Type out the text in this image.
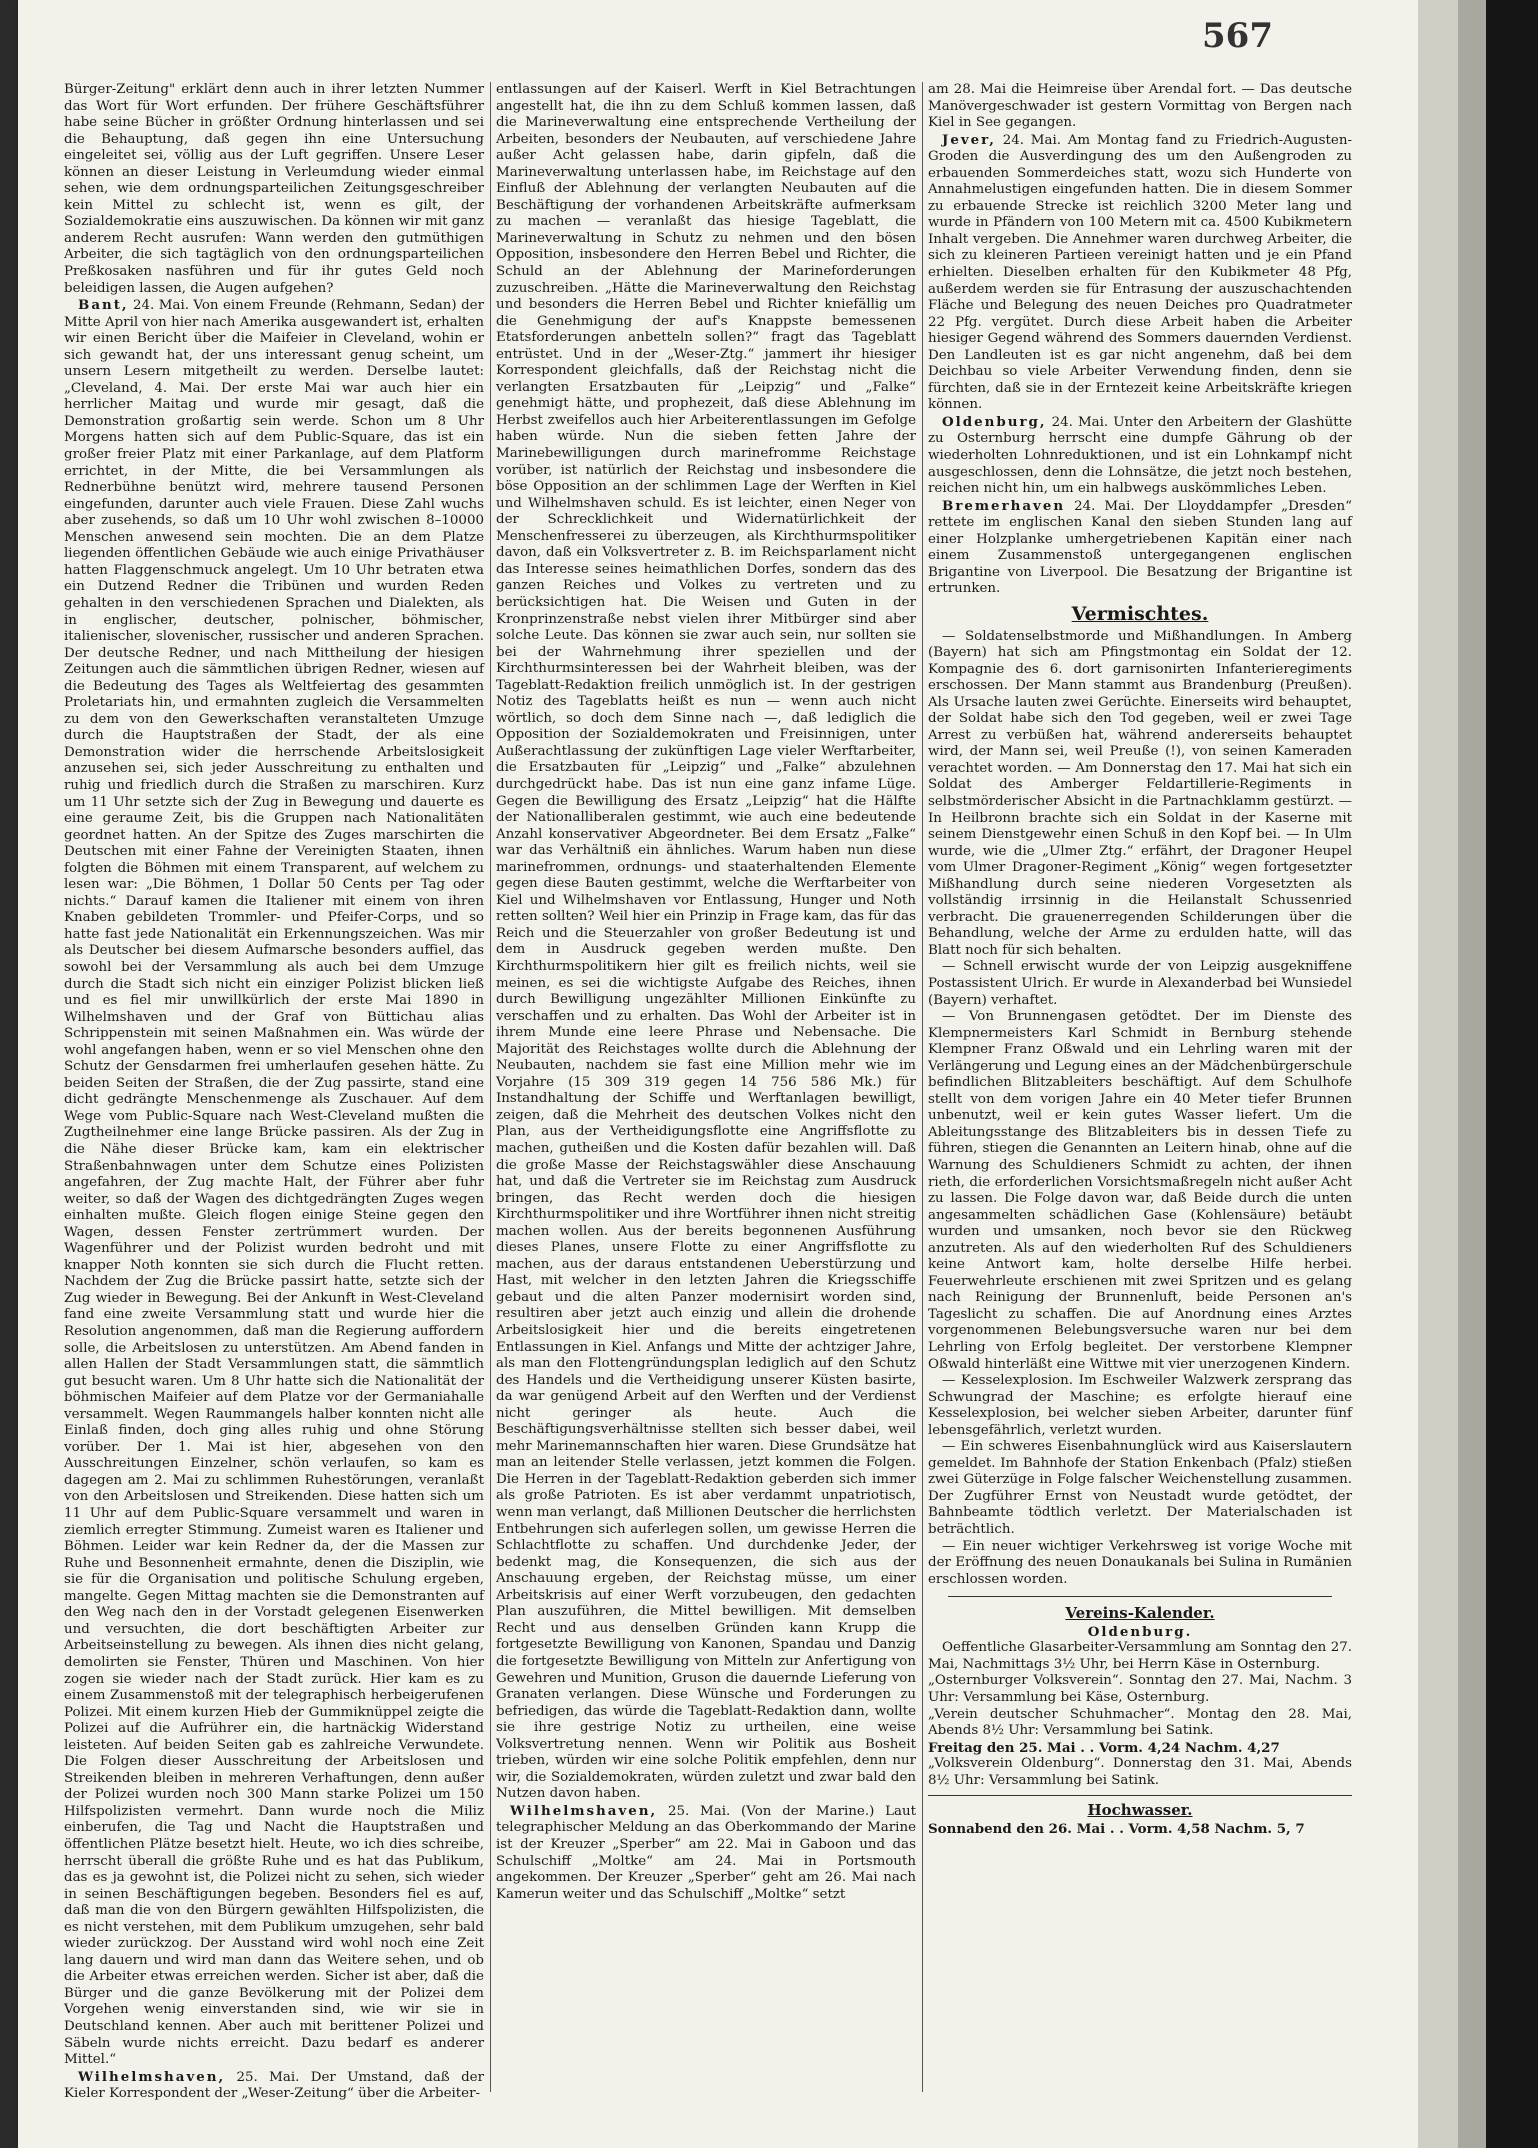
567

Bürger-Zeitung" erklärt denn auch in ihrer letzten Nummer das Wort für Wort erfunden. Der frühere Geschäftsführer habe seine Bücher in größter Ordnung hinterlassen und sei die Behauptung, daß gegen ihn eine Untersuchung eingeleitet sei, völlig aus der Luft gegriffen. Unsere Leser können an dieser Leistung in Verleumdung wieder einmal sehen, wie dem ordnungsparteilichen Zeitungsgeschreiber kein Mittel zu schlecht ist, wenn es gilt, der Sozialdemokratie eins auszuwischen. Da können wir mit ganz anderem Recht ausrufen: Wann werden den gutmüthigen Arbeiter, die sich tagtäglich von den ordnungsparteilichen Preßkosaken nasführen und für ihr gutes Geld noch beleidigen lassen, die Augen aufgehen?

Bant, 24. Mai. Von einem Freunde (Rehmann, Sedan) der Mitte April von hier nach Amerika ausgewandert ist, erhalten wir einen Bericht über die Maifeier in Cleveland, wohin er sich gewandt hat, der uns interessant genug scheint, um unsern Lesern mitgetheilt zu werden. Derselbe lautet: „Cleveland, 4. Mai. Der erste Mai war auch hier ein herrlicher Maitag und wurde mir gesagt, daß die Demonstration großartig sein werde. Schon um 8 Uhr Morgens hatten sich auf dem Public-Square, das ist ein großer freier Platz mit einer Parkanlage, auf dem Platform errichtet, in der Mitte, die bei Versammlungen als Rednerbühne benützt wird, mehrere tausend Personen eingefunden, darunter auch viele Frauen. Diese Zahl wuchs aber zusehends, so daß um 10 Uhr wohl zwischen 8–10000 Menschen anwesend sein mochten. Die an dem Platze liegenden öffentlichen Gebäude wie auch einige Privathäuser hatten Flaggenschmuck angelegt. Um 10 Uhr betraten etwa ein Dutzend Redner die Tribünen und wurden Reden gehalten in den verschiedenen Sprachen und Dialekten, als in englischer, deutscher, polnischer, böhmischer, italienischer, slovenischer, russischer und anderen Sprachen. Der deutsche Redner, und nach Mittheilung der hiesigen Zeitungen auch die sämmtlichen übrigen Redner, wiesen auf die Bedeutung des Tages als Weltfeiertag des gesammten Proletariats hin, und ermahnten zugleich die Versammelten zu dem von den Gewerkschaften veranstalteten Umzuge durch die Hauptstraßen der Stadt, der als eine Demonstration wider die herrschende Arbeitslosigkeit anzusehen sei, sich jeder Ausschreitung zu enthalten und ruhig und friedlich durch die Straßen zu marschiren. Kurz um 11 Uhr setzte sich der Zug in Bewegung und dauerte es eine geraume Zeit, bis die Gruppen nach Nationalitäten geordnet hatten. An der Spitze des Zuges marschirten die Deutschen mit einer Fahne der Vereinigten Staaten, ihnen folgten die Böhmen mit einem Transparent, auf welchem zu lesen war: „Die Böhmen, 1 Dollar 50 Cents per Tag oder nichts.“ Darauf kamen die Italiener mit einem von ihren Knaben gebildeten Trommler- und Pfeifer-Corps, und so hatte fast jede Nationalität ein Erkennungszeichen. Was mir als Deutscher bei diesem Aufmarsche besonders auffiel, das sowohl bei der Versammlung als auch bei dem Umzuge durch die Stadt sich nicht ein einziger Polizist blicken ließ und es fiel mir unwillkürlich der erste Mai 1890 in Wilhelmshaven und der Graf von Büttichau alias Schrippenstein mit seinen Maßnahmen ein. Was würde der wohl angefangen haben, wenn er so viel Menschen ohne den Schutz der Gensdarmen frei umherlaufen gesehen hätte. Zu beiden Seiten der Straßen, die der Zug passirte, stand eine dicht gedrängte Menschenmenge als Zuschauer. Auf dem Wege vom Public-Square nach West-Cleveland mußten die Zugtheilnehmer eine lange Brücke passiren. Als der Zug in die Nähe dieser Brücke kam, kam ein elektrischer Straßenbahnwagen unter dem Schutze eines Polizisten angefahren, der Zug machte Halt, der Führer aber fuhr weiter, so daß der Wagen des dichtgedrängten Zuges wegen einhalten mußte. Gleich flogen einige Steine gegen den Wagen, dessen Fenster zertrümmert wurden. Der Wagenführer und der Polizist wurden bedroht und mit knapper Noth konnten sie sich durch die Flucht retten. Nachdem der Zug die Brücke passirt hatte, setzte sich der Zug wieder in Bewegung. Bei der Ankunft in West-Cleveland fand eine zweite Versammlung statt und wurde hier die Resolution angenommen, daß man die Regierung auffordern solle, die Arbeitslosen zu unterstützen. Am Abend fanden in allen Hallen der Stadt Versammlungen statt, die sämmtlich gut besucht waren. Um 8 Uhr hatte sich die Nationalität der böhmischen Maifeier auf dem Platze vor der Germaniahalle versammelt. Wegen Raummangels halber konnten nicht alle Einlaß finden, doch ging alles ruhig und ohne Störung vorüber. Der 1. Mai ist hier, abgesehen von den Ausschreitungen Einzelner, schön verlaufen, so kam es dagegen am 2. Mai zu schlimmen Ruhestörungen, veranlaßt von den Arbeitslosen und Streikenden. Diese hatten sich um 11 Uhr auf dem Public-Square versammelt und waren in ziemlich erregter Stimmung. Zumeist waren es Italiener und Böhmen. Leider war kein Redner da, der die Massen zur Ruhe und Besonnenheit ermahnte, denen die Disziplin, wie sie für die Organisation und politische Schulung ergeben, mangelte. Gegen Mittag machten sie die Demonstranten auf den Weg nach den in der Vorstadt gelegenen Eisenwerken und versuchten, die dort beschäftigten Arbeiter zur Arbeitseinstellung zu bewegen. Als ihnen dies nicht gelang, demolirten sie Fenster, Thüren und Maschinen. Von hier zogen sie wieder nach der Stadt zurück. Hier kam es zu einem Zusammenstoß mit der telegraphisch herbeigerufenen Polizei. Mit einem kurzen Hieb der Gummiknüppel zeigte die Polizei auf die Aufrührer ein, die hartnäckig Widerstand leisteten. Auf beiden Seiten gab es zahlreiche Verwundete. Die Folgen dieser Ausschreitung der Arbeitslosen und Streikenden bleiben in mehreren Verhaftungen, denn außer der Polizei wurden noch 300 Mann starke Polizei um 150 Hilfspolizisten vermehrt. Dann wurde noch die Miliz einberufen, die Tag und Nacht die Hauptstraßen und öffentlichen Plätze besetzt hielt. Heute, wo ich dies schreibe, herrscht überall die größte Ruhe und es hat das Publikum, das es ja gewohnt ist, die Polizei nicht zu sehen, sich wieder in seinen Beschäftigungen begeben. Besonders fiel es auf, daß man die von den Bürgern gewählten Hilfspolizisten, die es nicht verstehen, mit dem Publikum umzugehen, sehr bald wieder zurückzog. Der Ausstand wird wohl noch eine Zeit lang dauern und wird man dann das Weitere sehen, und ob die Arbeiter etwas erreichen werden. Sicher ist aber, daß die Bürger und die ganze Bevölkerung mit der Polizei dem Vorgehen wenig einverstanden sind, wie wir sie in Deutschland kennen. Aber auch mit berittener Polizei und Säbeln wurde nichts erreicht. Dazu bedarf es anderer Mittel.“

Wilhelmshaven, 25. Mai. Der Umstand, daß der Kieler Korrespondent der „Weser-Zeitung“ über die Arbeiter-

entlassungen auf der Kaiserl. Werft in Kiel Betrachtungen angestellt hat, die ihn zu dem Schluß kommen lassen, daß die Marineverwaltung eine entsprechende Vertheilung der Arbeiten, besonders der Neubauten, auf verschiedene Jahre außer Acht gelassen habe, darin gipfeln, daß die Marineverwaltung unterlassen habe, im Reichstage auf den Einfluß der Ablehnung der verlangten Neubauten auf die Beschäftigung der vorhandenen Arbeitskräfte aufmerksam zu machen — veranlaßt das hiesige Tageblatt, die Marineverwaltung in Schutz zu nehmen und den bösen Opposition, insbesondere den Herren Bebel und Richter, die Schuld an der Ablehnung der Marineforderungen zuzuschreiben. „Hätte die Marineverwaltung den Reichstag und besonders die Herren Bebel und Richter kniefällig um die Genehmigung der auf's Knappste bemessenen Etatsforderungen anbetteln sollen?“ fragt das Tageblatt entrüstet. Und in der „Weser-Ztg.“ jammert ihr hiesiger Korrespondent gleichfalls, daß der Reichstag nicht die verlangten Ersatzbauten für „Leipzig“ und „Falke“ genehmigt hätte, und prophezeit, daß diese Ablehnung im Herbst zweifellos auch hier Arbeiterentlassungen im Gefolge haben würde. Nun die sieben fetten Jahre der Marinebewilligungen durch marinefromme Reichstage vorüber, ist natürlich der Reichstag und insbesondere die böse Opposition an der schlimmen Lage der Werften in Kiel und Wilhelmshaven schuld. Es ist leichter, einen Neger von der Schrecklichkeit und Widernatürlichkeit der Menschenfresserei zu überzeugen, als Kirchthurmspolitiker davon, daß ein Volksvertreter z. B. im Reichsparlament nicht das Interesse seines heimathlichen Dorfes, sondern das des ganzen Reiches und Volkes zu vertreten und zu berücksichtigen hat. Die Weisen und Guten in der Kronprinzenstraße nebst vielen ihrer Mitbürger sind aber solche Leute. Das können sie zwar auch sein, nur sollten sie bei der Wahrnehmung ihrer speziellen und der Kirchthurmsinteressen bei der Wahrheit bleiben, was der Tageblatt-Redaktion freilich unmöglich ist. In der gestrigen Notiz des Tageblatts heißt es nun — wenn auch nicht wörtlich, so doch dem Sinne nach —, daß lediglich die Opposition der Sozialdemokraten und Freisinnigen, unter Außerachtlassung der zukünftigen Lage vieler Werftarbeiter, die Ersatzbauten für „Leipzig“ und „Falke“ abzulehnen durchgedrückt habe. Das ist nun eine ganz infame Lüge. Gegen die Bewilligung des Ersatz „Leipzig“ hat die Hälfte der Nationalliberalen gestimmt, wie auch eine bedeutende Anzahl konservativer Abgeordneter. Bei dem Ersatz „Falke“ war das Verhältniß ein ähnliches. Warum haben nun diese marinefrommen, ordnungs- und staaterhaltenden Elemente gegen diese Bauten gestimmt, welche die Werftarbeiter von Kiel und Wilhelmshaven vor Entlassung, Hunger und Noth retten sollten? Weil hier ein Prinzip in Frage kam, das für das Reich und die Steuerzahler von großer Bedeutung ist und dem in Ausdruck gegeben werden mußte. Den Kirchthurmspolitikern hier gilt es freilich nichts, weil sie meinen, es sei die wichtigste Aufgabe des Reiches, ihnen durch Bewilligung ungezählter Millionen Einkünfte zu verschaffen und zu erhalten. Das Wohl der Arbeiter ist in ihrem Munde eine leere Phrase und Nebensache. Die Majorität des Reichstages wollte durch die Ablehnung der Neubauten, nachdem sie fast eine Million mehr wie im Vorjahre (15 309 319 gegen 14 756 586 Mk.) für Instandhaltung der Schiffe und Werftanlagen bewilligt, zeigen, daß die Mehrheit des deutschen Volkes nicht den Plan, aus der Vertheidigungsflotte eine Angriffsflotte zu machen, gutheißen und die Kosten dafür bezahlen will. Daß die große Masse der Reichstagswähler diese Anschauung hat, und daß die Vertreter sie im Reichstag zum Ausdruck bringen, das Recht werden doch die hiesigen Kirchthurmspolitiker und ihre Wortführer ihnen nicht streitig machen wollen. Aus der bereits begonnenen Ausführung dieses Planes, unsere Flotte zu einer Angriffsflotte zu machen, aus der daraus entstandenen Ueberstürzung und Hast, mit welcher in den letzten Jahren die Kriegsschiffe gebaut und die alten Panzer modernisirt worden sind, resultiren aber jetzt auch einzig und allein die drohende Arbeitslosigkeit hier und die bereits eingetretenen Entlassungen in Kiel. Anfangs und Mitte der achtziger Jahre, als man den Flottengründungsplan lediglich auf den Schutz des Handels und die Vertheidigung unserer Küsten basirte, da war genügend Arbeit auf den Werften und der Verdienst nicht geringer als heute. Auch die Beschäftigungsverhältnisse stellten sich besser dabei, weil mehr Marinemannschaften hier waren. Diese Grundsätze hat man an leitender Stelle verlassen, jetzt kommen die Folgen. Die Herren in der Tageblatt-Redaktion geberden sich immer als große Patrioten. Es ist aber verdammt unpatriotisch, wenn man verlangt, daß Millionen Deutscher die herrlichsten Entbehrungen sich auferlegen sollen, um gewisse Herren die Schlachtflotte zu schaffen. Und durchdenke Jeder, der bedenkt mag, die Konsequenzen, die sich aus der Anschauung ergeben, der Reichstag müsse, um einer Arbeitskrisis auf einer Werft vorzubeugen, den gedachten Plan auszuführen, die Mittel bewilligen. Mit demselben Recht und aus denselben Gründen kann Krupp die fortgesetzte Bewilligung von Kanonen, Spandau und Danzig die fortgesetzte Bewilligung von Mitteln zur Anfertigung von Gewehren und Munition, Gruson die dauernde Lieferung von Granaten verlangen. Diese Wünsche und Forderungen zu befriedigen, das würde die Tageblatt-Redaktion dann, wollte sie ihre gestrige Notiz zu urtheilen, eine weise Volksvertretung nennen. Wenn wir Politik aus Bosheit trieben, würden wir eine solche Politik empfehlen, denn nur wir, die Sozialdemokraten, würden zuletzt und zwar bald den Nutzen davon haben.

Wilhelmshaven, 25. Mai. (Von der Marine.) Laut telegraphischer Meldung an das Oberkommando der Marine ist der Kreuzer „Sperber“ am 22. Mai in Gaboon und das Schulschiff „Moltke“ am 24. Mai in Portsmouth angekommen. Der Kreuzer „Sperber“ geht am 26. Mai nach Kamerun weiter und das Schulschiff „Moltke“ setzt

am 28. Mai die Heimreise über Arendal fort. — Das deutsche Manövergeschwader ist gestern Vormittag von Bergen nach Kiel in See gegangen.

Jever, 24. Mai. Am Montag fand zu Friedrich-Augusten-Groden die Ausverdingung des um den Außengroden zu erbauenden Sommerdeiches statt, wozu sich Hunderte von Annahmelustigen eingefunden hatten. Die in diesem Sommer zu erbauende Strecke ist reichlich 3200 Meter lang und wurde in Pfändern von 100 Metern mit ca. 4500 Kubikmetern Inhalt vergeben. Die Annehmer waren durchweg Arbeiter, die sich zu kleineren Partieen vereinigt hatten und je ein Pfand erhielten. Dieselben erhalten für den Kubikmeter 48 Pfg, außerdem werden sie für Entrasung der auszuschachtenden Fläche und Belegung des neuen Deiches pro Quadratmeter 22 Pfg. vergütet. Durch diese Arbeit haben die Arbeiter hiesiger Gegend während des Sommers dauernden Verdienst. Den Landleuten ist es gar nicht angenehm, daß bei dem Deichbau so viele Arbeiter Verwendung finden, denn sie fürchten, daß sie in der Erntezeit keine Arbeitskräfte kriegen können.

Oldenburg, 24. Mai. Unter den Arbeitern der Glashütte zu Osternburg herrscht eine dumpfe Gährung ob der wiederholten Lohnreduktionen, und ist ein Lohnkampf nicht ausgeschlossen, denn die Lohnsätze, die jetzt noch bestehen, reichen nicht hin, um ein halbwegs auskömmliches Leben.

Bremerhaven 24. Mai. Der Lloyddampfer „Dresden“ rettete im englischen Kanal den sieben Stunden lang auf einer Holzplanke umhergetriebenen Kapitän einer nach einem Zusammenstoß untergegangenen englischen Brigantine von Liverpool. Die Besatzung der Brigantine ist ertrunken.

Vermischtes.

— Soldatenselbstmorde und Mißhandlungen. In Amberg (Bayern) hat sich am Pfingstmontag ein Soldat der 12. Kompagnie des 6. dort garnisonirten Infanterieregiments erschossen. Der Mann stammt aus Brandenburg (Preußen). Als Ursache lauten zwei Gerüchte. Einerseits wird behauptet, der Soldat habe sich den Tod gegeben, weil er zwei Tage Arrest zu verbüßen hat, während andererseits behauptet wird, der Mann sei, weil Preuße (!), von seinen Kameraden verachtet worden. — Am Donnerstag den 17. Mai hat sich ein Soldat des Amberger Feldartillerie-Regiments in selbstmörderischer Absicht in die Partnachklamm gestürzt. — In Heilbronn brachte sich ein Soldat in der Kaserne mit seinem Dienstgewehr einen Schuß in den Kopf bei. — In Ulm wurde, wie die „Ulmer Ztg.“ erfährt, der Dragoner Heupel vom Ulmer Dragoner-Regiment „König“ wegen fortgesetzter Mißhandlung durch seine niederen Vorgesetzten als vollständig irrsinnig in die Heilanstalt Schussenried verbracht. Die grauenerregenden Schilderungen über die Behandlung, welche der Arme zu erdulden hatte, will das Blatt noch für sich behalten.

— Schnell erwischt wurde der von Leipzig ausgekniffene Postassistent Ulrich. Er wurde in Alexanderbad bei Wunsiedel (Bayern) verhaftet.

— Von Brunnengasen getödtet. Der im Dienste des Klempnermeisters Karl Schmidt in Bernburg stehende Klempner Franz Oßwald und ein Lehrling waren mit der Verlängerung und Legung eines an der Mädchenbürgerschule befindlichen Blitzableiters beschäftigt. Auf dem Schulhofe stellt von dem vorigen Jahre ein 40 Meter tiefer Brunnen unbenutzt, weil er kein gutes Wasser liefert. Um die Ableitungsstange des Blitzableiters bis in dessen Tiefe zu führen, stiegen die Genannten an Leitern hinab, ohne auf die Warnung des Schuldieners Schmidt zu achten, der ihnen rieth, die erforderlichen Vorsichtsmaßregeln nicht außer Acht zu lassen. Die Folge davon war, daß Beide durch die unten angesammelten schädlichen Gase (Kohlensäure) betäubt wurden und umsanken, noch bevor sie den Rückweg anzutreten. Als auf den wiederholten Ruf des Schuldieners keine Antwort kam, holte derselbe Hilfe herbei. Feuerwehrleute erschienen mit zwei Spritzen und es gelang nach Reinigung der Brunnenluft, beide Personen an's Tageslicht zu schaffen. Die auf Anordnung eines Arztes vorgenommenen Belebungsversuche waren nur bei dem Lehrling von Erfolg begleitet. Der verstorbene Klempner Oßwald hinterläßt eine Wittwe mit vier unerzogenen Kindern.

— Kesselexplosion. Im Eschweiler Walzwerk zersprang das Schwungrad der Maschine; es erfolgte hierauf eine Kesselexplosion, bei welcher sieben Arbeiter, darunter fünf lebensgefährlich, verletzt wurden.

— Ein schweres Eisenbahnunglück wird aus Kaiserslautern gemeldet. Im Bahnhofe der Station Enkenbach (Pfalz) stießen zwei Güterzüge in Folge falscher Weichenstellung zusammen. Der Zugführer Ernst von Neustadt wurde getödtet, der Bahnbeamte tödtlich verletzt. Der Materialschaden ist beträchtlich.

— Ein neuer wichtiger Verkehrsweg ist vorige Woche mit der Eröffnung des neuen Donaukanals bei Sulina in Rumänien erschlossen worden.

Vereins-Kalender.

Oldenburg.

Oeffentliche Glasarbeiter-Versammlung am Sonntag den 27. Mai, Nachmittags 3½ Uhr, bei Herrn Käse in Osternburg.

„Osternburger Volksverein“. Sonntag den 27. Mai, Nachm. 3 Uhr: Versammlung bei Käse, Osternburg.

„Verein deutscher Schuhmacher“. Montag den 28. Mai, Abends 8½ Uhr: Versammlung bei Satink.

Freitag den 25. Mai . . Vorm. 4,24 Nachm. 4,27

„Volksverein Oldenburg“. Donnerstag den 31. Mai, Abends 8½ Uhr: Versammlung bei Satink.

Hochwasser.

Sonnabend den 26. Mai . . Vorm. 4,58 Nachm. 5, 7
